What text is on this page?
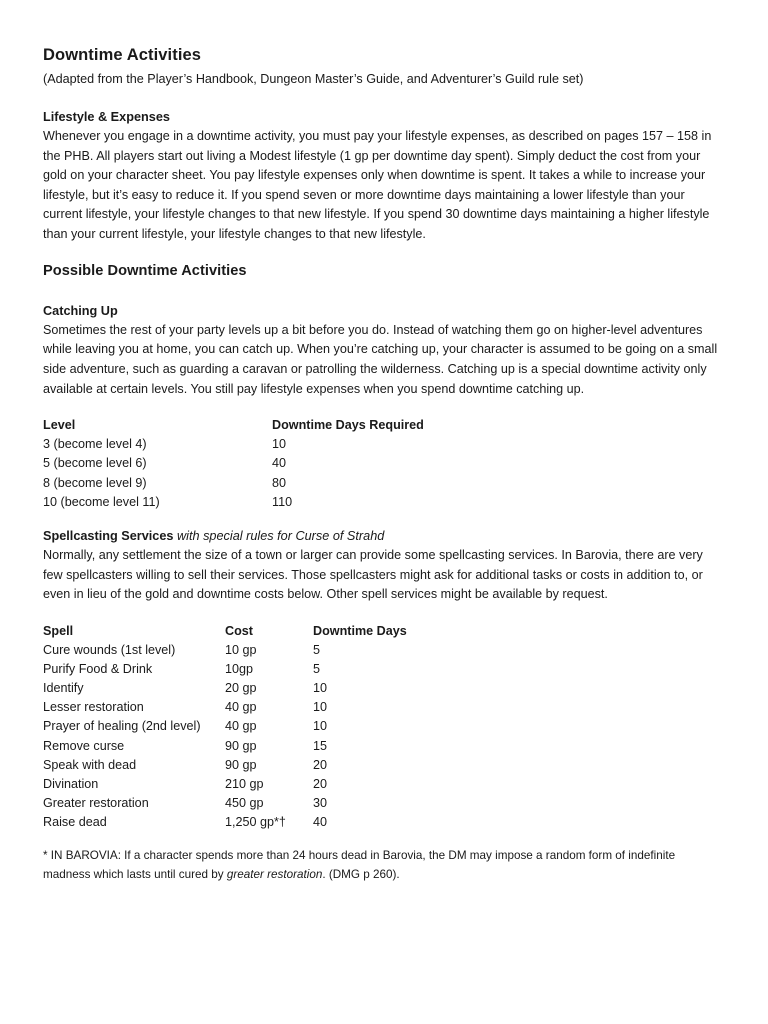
Downtime Activities

(Adapted from the Player’s Handbook, Dungeon Master’s Guide, and Adventurer’s Guild rule set)

Lifestyle & Expenses

Whenever you engage in a downtime activity, you must pay your lifestyle expenses, as described on pages 157 – 158 in the PHB. All players start out living a Modest lifestyle (1 gp per downtime day spent). Simply deduct the cost from your gold on your character sheet. You pay lifestyle expenses only when downtime is spent. It takes a while to increase your lifestyle, but it’s easy to reduce it. If you spend seven or more downtime days maintaining a lower lifestyle than your current lifestyle, your lifestyle changes to that new lifestyle. If you spend 30 downtime days maintaining a higher lifestyle than your current lifestyle, your lifestyle changes to that new lifestyle.

Possible Downtime Activities
Catching Up

Sometimes the rest of your party levels up a bit before you do. Instead of watching them go on higher-level adventures while leaving you at home, you can catch up. When you’re catching up, your character is assumed to be going on a small side adventure, such as guarding a caravan or patrolling the wilderness. Catching up is a special downtime activity only available at certain levels. You still pay lifestyle expenses when you spend downtime catching up.

Level	Downtime Days Required
3 (become level 4)	10
5 (become level 6)	40
8 (become level 9)	80
10 (become level 11)	110
Spellcasting Services with special rules for Curse of Strahd

Normally, any settlement the size of a town or larger can provide some spellcasting services. In Barovia, there are very few spellcasters willing to sell their services. Those spellcasters might ask for additional tasks or costs in addition to, or even in lieu of the gold and downtime costs below. Other spell services might be available by request.

Spell	Cost	Downtime Days
Cure wounds (1st level)	10 gp	5
Purify Food & Drink	10gp	5
Identify	20 gp	10
Lesser restoration	40 gp	10
Prayer of healing (2nd level)	40 gp	10
Remove curse	90 gp	15
Speak with dead	90 gp	20
Divination	210 gp	20
Greater restoration	450 gp	30
Raise dead	1,250 gp*†	40

* IN BAROVIA: If a character spends more than 24 hours dead in Barovia, the DM may impose a random form of indefinite madness which lasts until cured by greater restoration. (DMG p 260).
